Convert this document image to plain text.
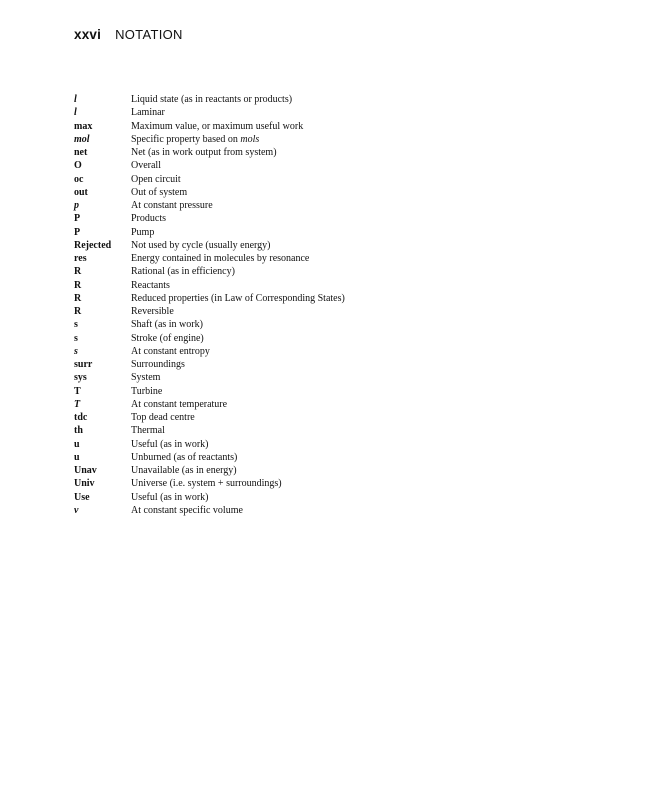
xxvi NOTATION
l	Liquid state (as in reactants or products)
l	Laminar
max	Maximum value, or maximum useful work
mol	Specific property based on mols
net	Net (as in work output from system)
O	Overall
oc	Open circuit
out	Out of system
p	At constant pressure
P	Products
P	Pump
Rejected	Not used by cycle (usually energy)
res	Energy contained in molecules by resonance
R	Rational (as in efficiency)
R	Reactants
R	Reduced properties (in Law of Corresponding States)
R	Reversible
s	Shaft (as in work)
s	Stroke (of engine)
s	At constant entropy
surr	Surroundings
sys	System
T	Turbine
T	At constant temperature
tdc	Top dead centre
th	Thermal
u	Useful (as in work)
u	Unburned (as of reactants)
Unav	Unavailable (as in energy)
Univ	Universe (i.e. system + surroundings)
Use	Useful (as in work)
v	At constant specific volume
